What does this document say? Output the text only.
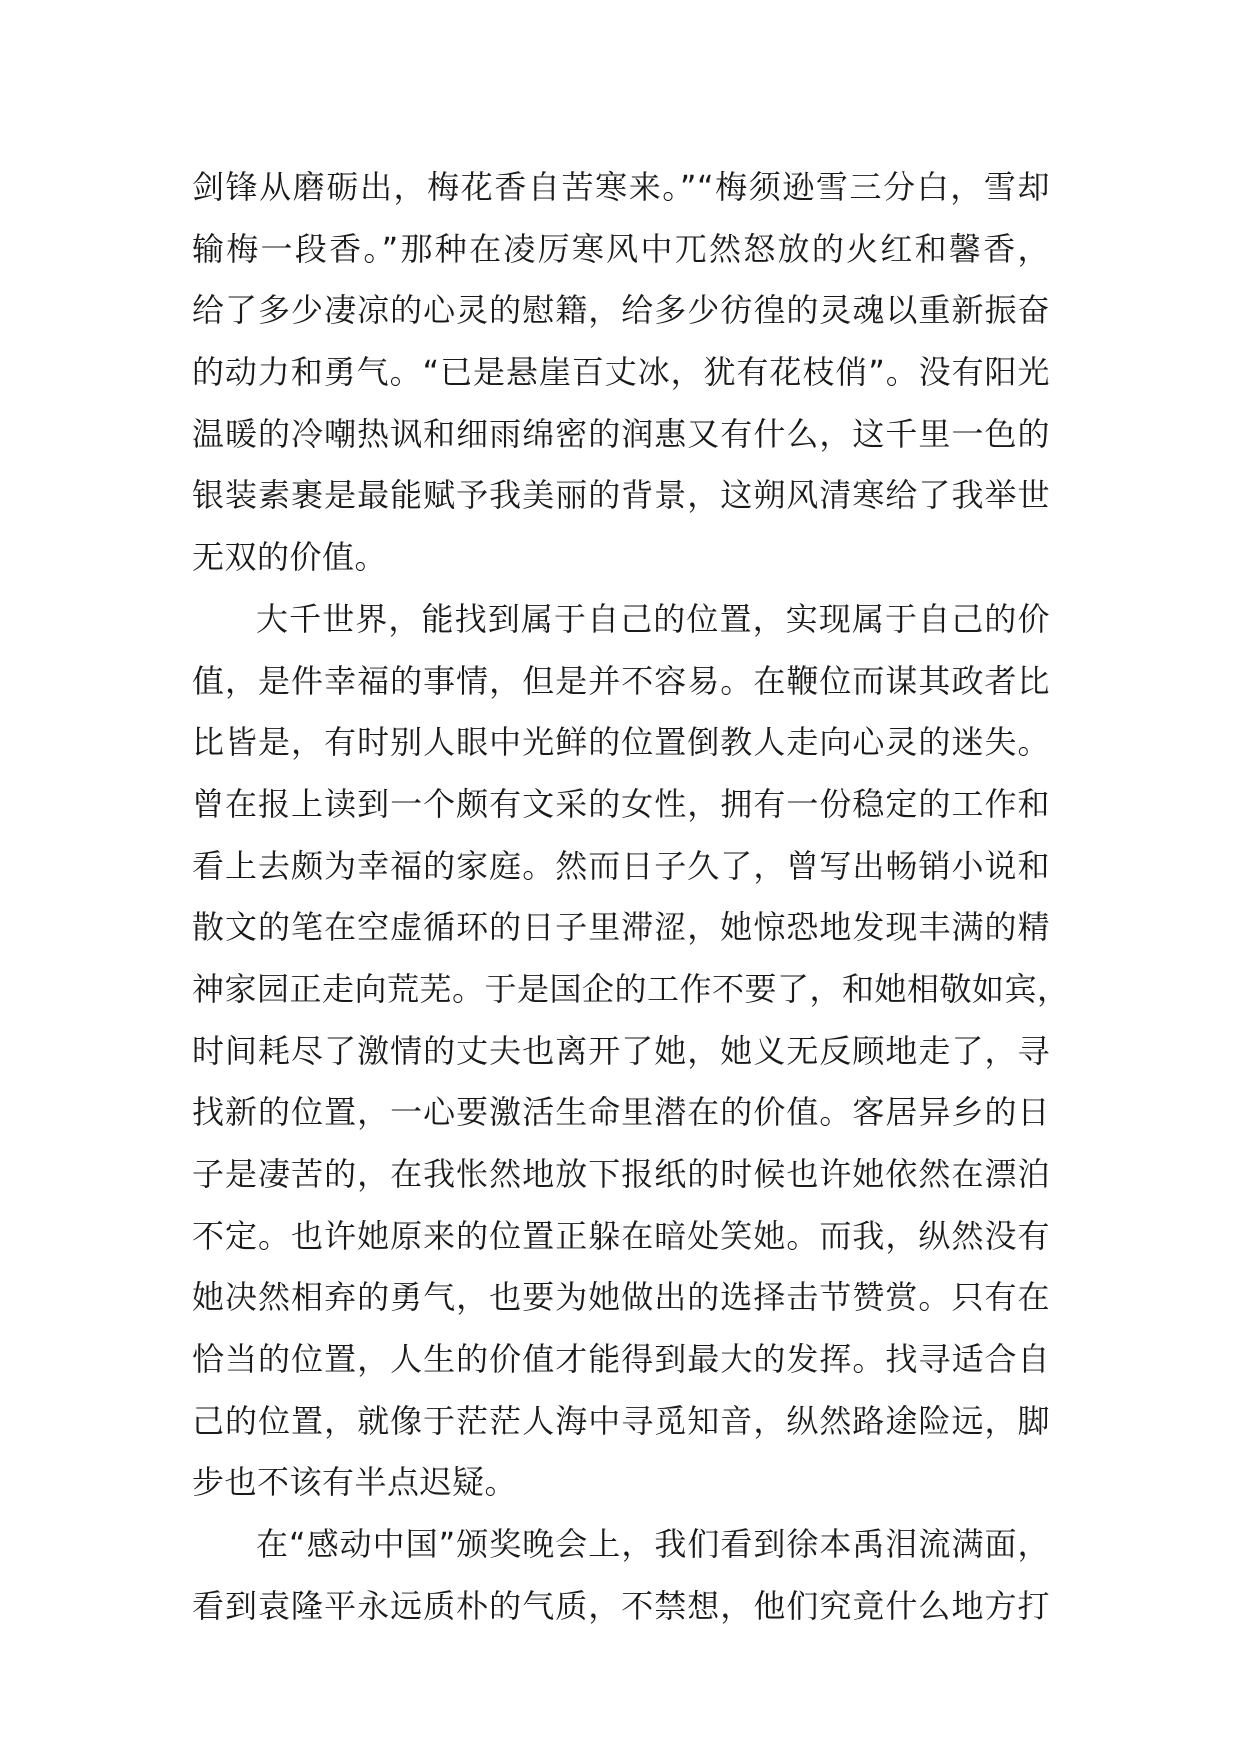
剑锋从磨砺出，梅花香自苦寒来。”“梅须逊雪三分白，雪却
输梅一段香。”那种在凌厉寒风中兀然怒放的火红和馨香，
给了多少凄凉的心灵的慰籍，给多少彷徨的灵魂以重新振奋
的动力和勇气。“已是悬崖百丈冰，犹有花枝俏”。没有阳光
温暖的冷嘲热讽和细雨绵密的润惠又有什么，这千里一色的
银装素裹是最能赋予我美丽的背景，这朔风清寒给了我举世
无双的价值。
大千世界，能找到属于自己的位置，实现属于自己的价
值，是件幸福的事情，但是并不容易。在鞭位而谋其政者比
比皆是，有时别人眼中光鲜的位置倒教人走向心灵的迷失。
曾在报上读到一个颇有文采的女性，拥有一份稳定的工作和
看上去颇为幸福的家庭。然而日子久了，曾写出畅销小说和
散文的笔在空虚循环的日子里滞涩，她惊恐地发现丰满的精
神家园正走向荒芜。于是国企的工作不要了，和她相敬如宾，
时间耗尽了激情的丈夫也离开了她，她义无反顾地走了，寻
找新的位置，一心要激活生命里潜在的价值。客居异乡的日
子是凄苦的，在我怅然地放下报纸的时候也许她依然在漂泊
不定。也许她原来的位置正躲在暗处笑她。而我，纵然没有
她决然相弃的勇气，也要为她做出的选择击节赞赏。只有在
恰当的位置，人生的价值才能得到最大的发挥。找寻适合自
己的位置，就像于茫茫人海中寻觅知音，纵然路途险远，脚
步也不该有半点迟疑。
在“感动中国”颁奖晚会上，我们看到徐本禹泪流满面，
看到袁隆平永远质朴的气质，不禁想，他们究竟什么地方打
